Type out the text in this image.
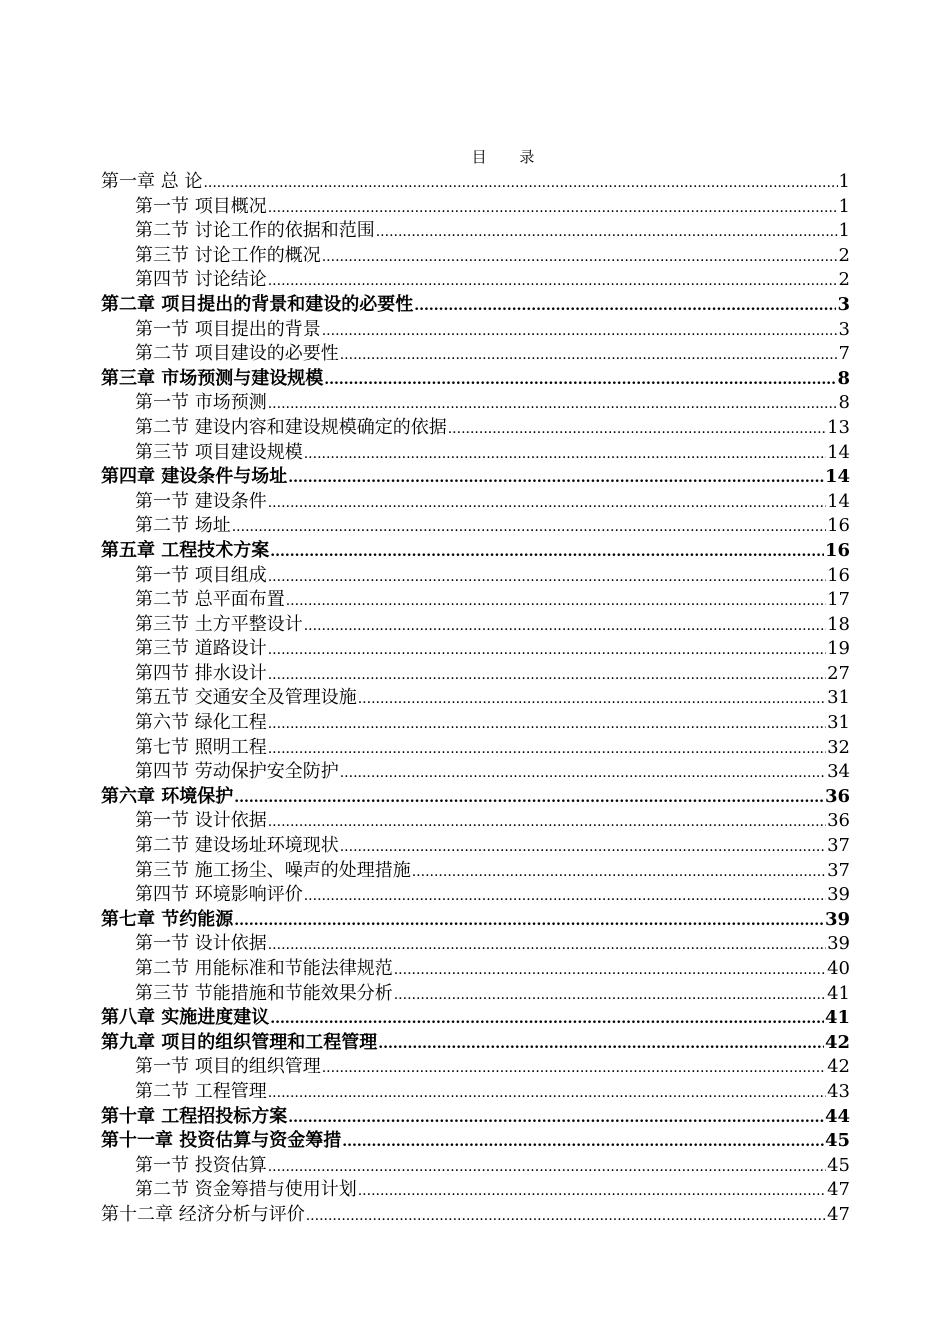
目 录
第一章 总 论 .....	1
第一节 项目概况 .....	1
第二节 讨论工作的依据和范围 .....	1
第三节 讨论工作的概况 .....	2
第四节 讨论结论 .....	2
第二章 项目提出的背景和建设的必要性 .....	3
第一节 项目提出的背景 .....	3
第二节 项目建设的必要性 .....	7
第三章 市场预测与建设规模 .....	8
第一节 市场预测 .....	8
第二节 建设内容和建设规模确定的依据 .....	13
第三节 项目建设规模 .....	14
第四章 建设条件与场址 .....	14
第一节 建设条件 .....	14
第二节 场址 .....	16
第五章 工程技术方案 .....	16
第一节 项目组成 .....	16
第二节 总平面布置 .....	17
第三节 土方平整设计 .....	18
第三节 道路设计 .....	19
第四节 排水设计 .....	27
第五节 交通安全及管理设施 .....	31
第六节 绿化工程 .....	31
第七节 照明工程 .....	32
第四节 劳动保护安全防护 .....	34
第六章 环境保护 .....	36
第一节 设计依据 .....	36
第二节 建设场址环境现状 .....	37
第三节 施工扬尘、噪声的处理措施 .....	37
第四节 环境影响评价 .....	39
第七章 节约能源 .....	39
第一节 设计依据 .....	39
第二节 用能标准和节能法律规范 .....	40
第三节 节能措施和节能效果分析 .....	41
第八章 实施进度建议 .....	41
第九章 项目的组织管理和工程管理 .....	42
第一节 项目的组织管理 .....	42
第二节 工程管理 .....	43
第十章 工程招投标方案 .....	44
第十一章 投资估算与资金筹措 .....	45
第一节 投资估算 .....	45
第二节 资金筹措与使用计划 .....	47
第十二章 经济分析与评价 .....	47
